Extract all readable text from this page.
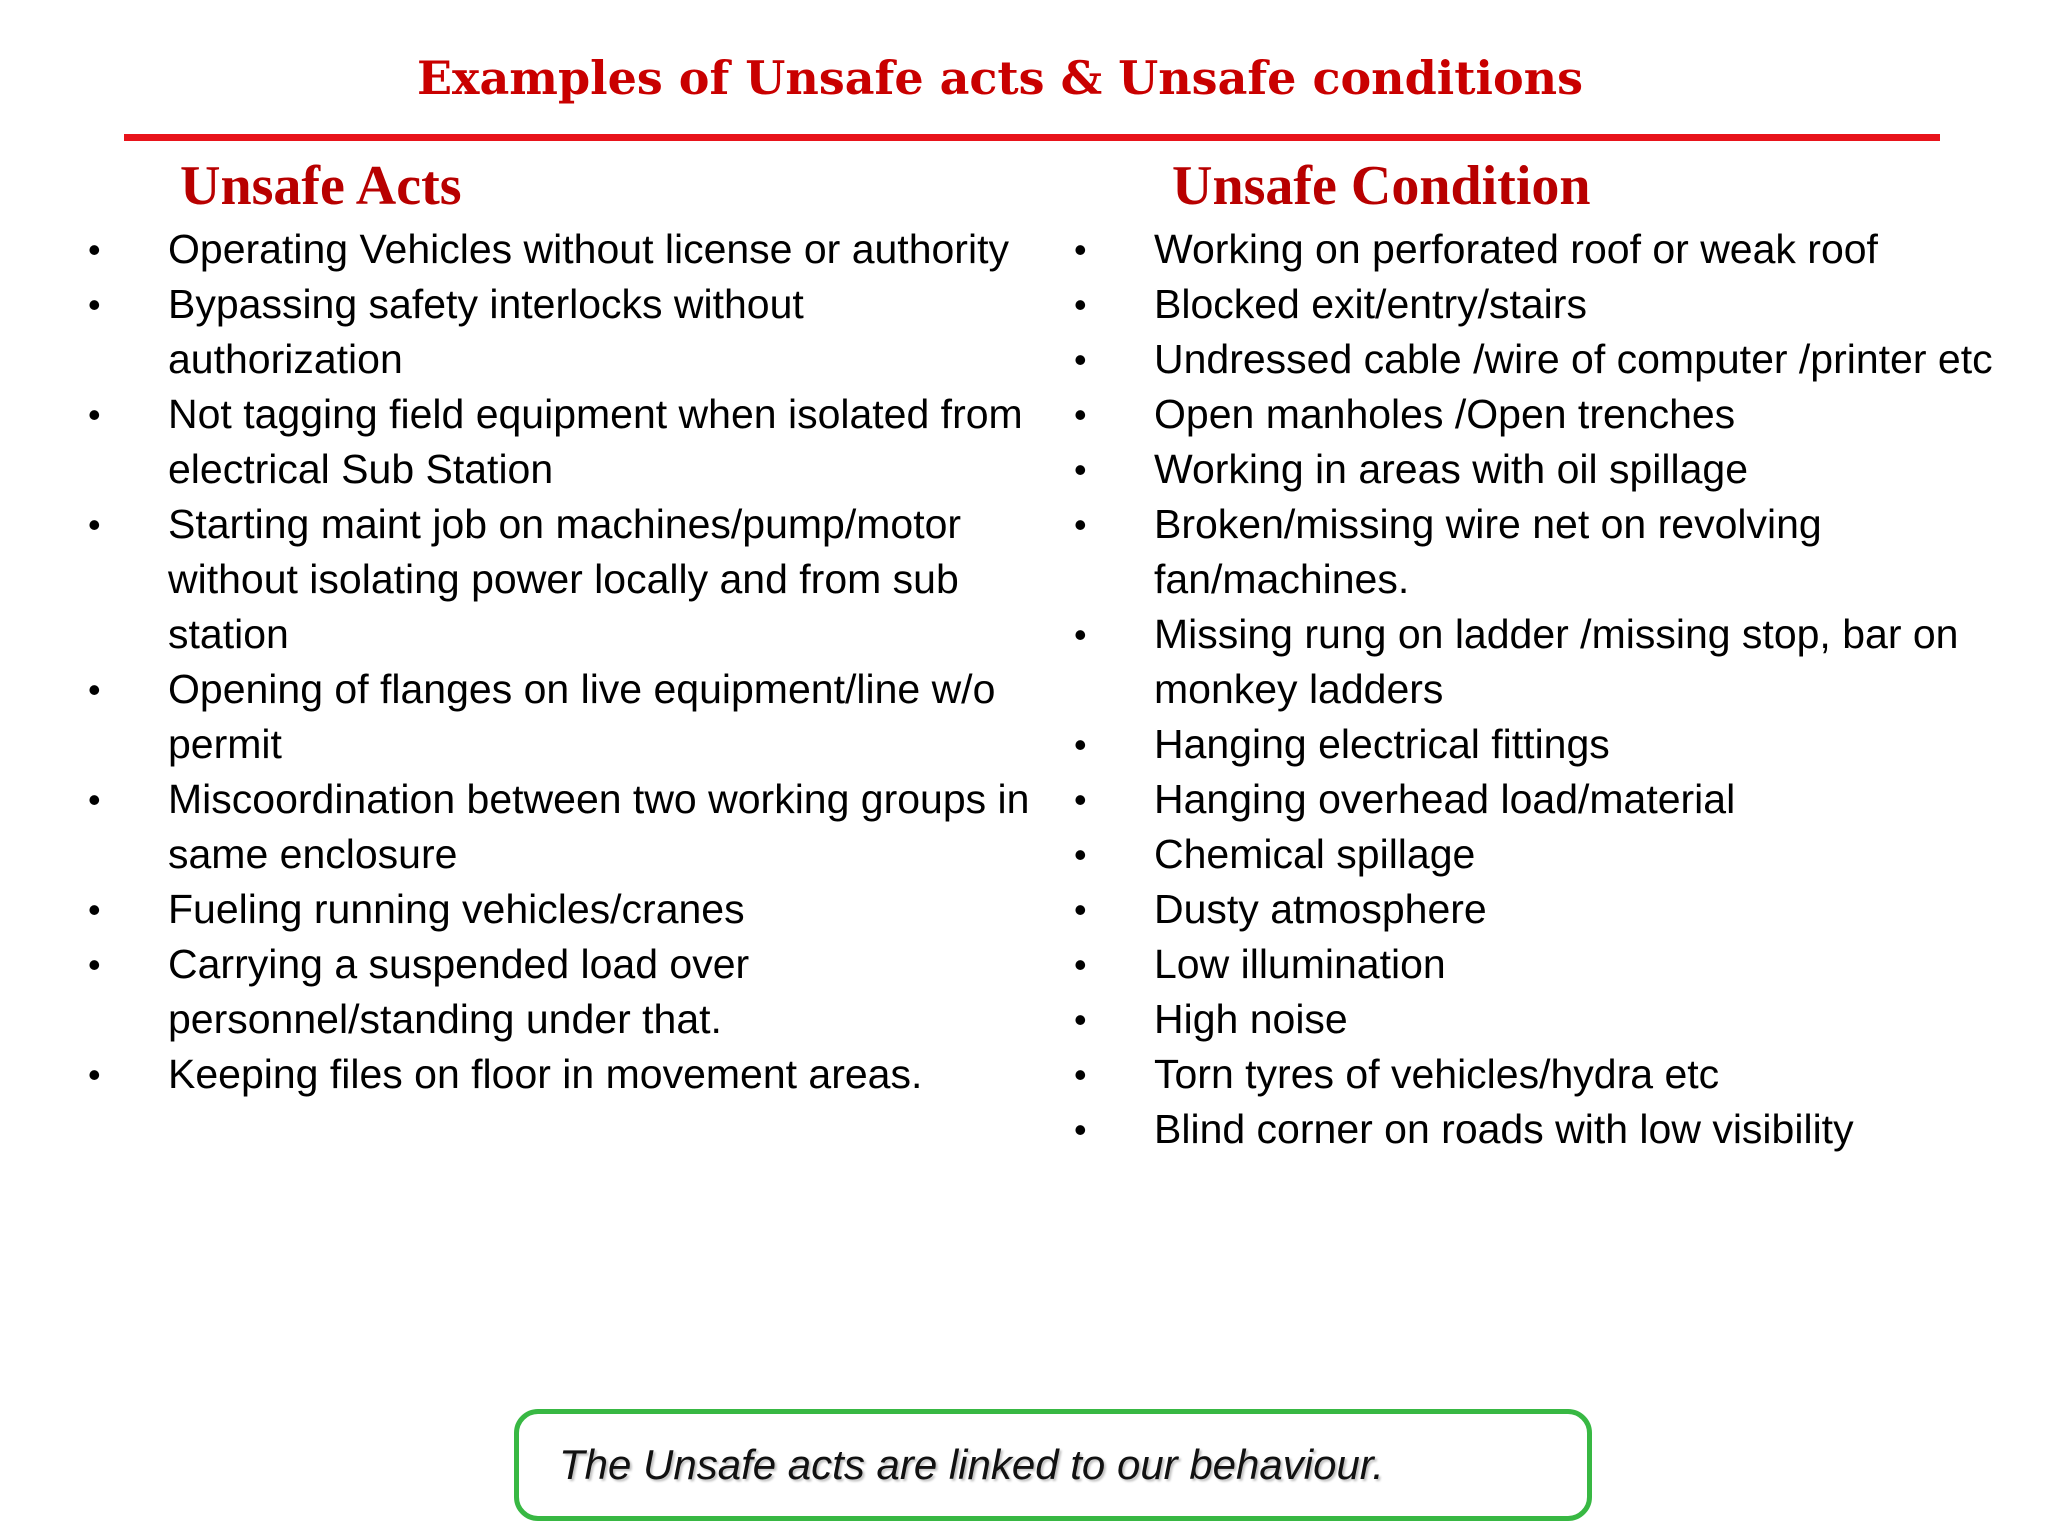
Examples of Unsafe acts & Unsafe conditions
Unsafe Acts
• Operating Vehicles without license or authority
• Bypassing safety interlocks without authorization
• Not tagging field equipment when isolated from electrical Sub Station
• Starting maint job on machines/pump/motor without isolating power locally and from sub station
• Opening of flanges on live equipment/line w/o permit
• Miscoordination between two working groups in same enclosure
• Fueling running vehicles/cranes
• Carrying a suspended load over personnel/standing under that.
• Keeping files on floor in movement areas.
Unsafe Condition
• Working on perforated roof or weak roof
• Blocked exit/entry/stairs
• Undressed cable /wire of computer /printer etc
• Open manholes /Open trenches
• Working in areas with oil spillage
• Broken/missing wire net on revolving fan/machines.
• Missing rung on ladder /missing stop, bar on monkey ladders
• Hanging electrical fittings
• Hanging overhead load/material
• Chemical spillage
• Dusty atmosphere
• Low illumination
• High noise
• Torn tyres of vehicles/hydra etc
• Blind corner on roads with low visibility
The Unsafe acts are linked to our behaviour.
